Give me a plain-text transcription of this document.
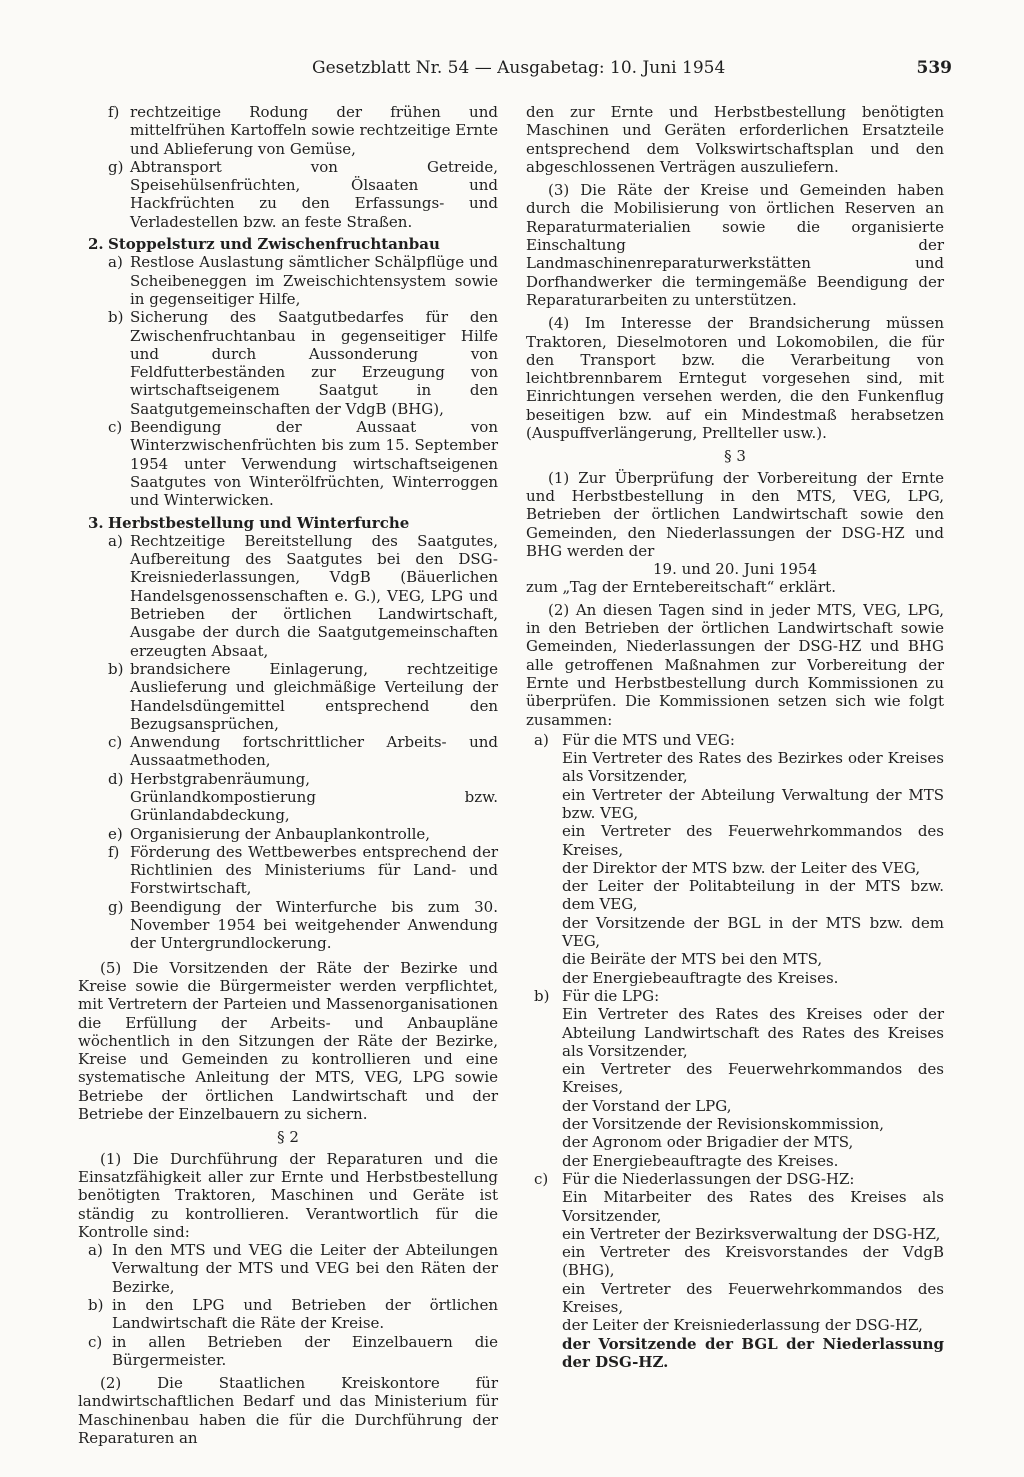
Gesetzblatt Nr. 54 — Ausgabetag: 10. Juni 1954	539
f) rechtzeitige Rodung der frühen und mittelfrühen Kartoffeln sowie rechtzeitige Ernte und Ablieferung von Gemüse,
g) Abtransport von Getreide, Speisehülsenfrüchten, Ölsaaten und Hackfrüchten zu den Erfassungs- und Verladestellen bzw. an feste Straßen.
2. Stoppelsturz und Zwischenfruchtanbau
a) Restlose Auslastung sämtlicher Schälpflüge und Scheibeneggen im Zweischichtensystem sowie in gegenseitiger Hilfe,
b) Sicherung des Saatgutbedarfes für den Zwischenfruchtanbau in gegenseitiger Hilfe und durch Aussonderung von Feldfutterbeständen zur Erzeugung von wirtschaftseigenem Saatgut in den Saatgutgemeinschaften der VdgB (BHG),
c) Beendigung der Aussaat von Winterzwischenfrüchten bis zum 15. September 1954 unter Verwendung wirtschaftseigenen Saatgutes von Winterölfrüchten, Winterroggen und Winterwicken.
3. Herbstbestellung und Winterfurche
a) Rechtzeitige Bereitstellung des Saatgutes, Aufbereitung des Saatgutes bei den DSG-Kreisniederlassungen, VdgB (Bäuerlichen Handelsgenossenschaften e. G.), VEG, LPG und Betrieben der örtlichen Landwirtschaft, Ausgabe der durch die Saatgutgemeinschaften erzeugten Absaat,
b) brandsichere Einlagerung, rechtzeitige Auslieferung und gleichmäßige Verteilung der Handelsdüngemittel entsprechend den Bezugsansprüchen,
c) Anwendung fortschrittlicher Arbeits- und Aussaatmethoden,
d) Herbstgrabenräumung, Grünlandkompostierung bzw. Grünlandabdeckung,
e) Organisierung der Anbauplankontrolle,
f) Förderung des Wettbewerbes entsprechend der Richtlinien des Ministeriums für Land- und Forstwirtschaft,
g) Beendigung der Winterfurche bis zum 30. November 1954 bei weitgehender Anwendung der Untergrundlockerung.

(5) Die Vorsitzenden der Räte der Bezirke und Kreise sowie die Bürgermeister werden verpflichtet, mit Vertretern der Parteien und Massenorganisationen die Erfüllung der Arbeits- und Anbaupläne wöchentlich in den Sitzungen der Räte der Bezirke, Kreise und Gemeinden zu kontrollieren und eine systematische Anleitung der MTS, VEG, LPG sowie Betriebe der örtlichen Landwirtschaft und der Betriebe der Einzelbauern zu sichern.

§ 2

(1) Die Durchführung der Reparaturen und die Einsatzfähigkeit aller zur Ernte und Herbstbestellung benötigten Traktoren, Maschinen und Geräte ist ständig zu kontrollieren. Verantwortlich für die Kontrolle sind:

a) In den MTS und VEG die Leiter der Abteilungen Verwaltung der MTS und VEG bei den Räten der Bezirke,
b) in den LPG und Betrieben der örtlichen Landwirtschaft die Räte der Kreise.
c) in allen Betrieben der Einzelbauern die Bürgermeister.

(2) Die Staatlichen Kreiskontore für landwirtschaftlichen Bedarf und das Ministerium für Maschinenbau haben die für die Durchführung der Reparaturen an

den zur Ernte und Herbstbestellung benötigten Maschinen und Geräten erforderlichen Ersatzteile entsprechend dem Volkswirtschaftsplan und den abgeschlossenen Verträgen auszuliefern.

(3) Die Räte der Kreise und Gemeinden haben durch die Mobilisierung von örtlichen Reserven an Reparaturmaterialien sowie die organisierte Einschaltung der Landmaschinenreparaturwerkstätten und Dorfhandwerker die termingemäße Beendigung der Reparaturarbeiten zu unterstützen.

(4) Im Interesse der Brandsicherung müssen Traktoren, Dieselmotoren und Lokomobilen, die für den Transport bzw. die Verarbeitung von leichtbrennbarem Erntegut vorgesehen sind, mit Einrichtungen versehen werden, die den Funkenflug beseitigen bzw. auf ein Mindestmaß herabsetzen (Auspuffverlängerung, Prellteller usw.).

§ 3

(1) Zur Überprüfung der Vorbereitung der Ernte und Herbstbestellung in den MTS, VEG, LPG, Betrieben der örtlichen Landwirtschaft sowie den Gemeinden, den Niederlassungen der DSG-HZ und BHG werden der

19. und 20. Juni 1954

zum „Tag der Erntebereitschaft“ erklärt.

(2) An diesen Tagen sind in jeder MTS, VEG, LPG, in den Betrieben der örtlichen Landwirtschaft sowie Gemeinden, Niederlassungen der DSG-HZ und BHG alle getroffenen Maßnahmen zur Vorbereitung der Ernte und Herbstbestellung durch Kommissionen zu überprüfen. Die Kommissionen setzen sich wie folgt zusammen:

a) Für die MTS und VEG:
Ein Vertreter des Rates des Bezirkes oder Kreises als Vorsitzender,
ein Vertreter der Abteilung Verwaltung der MTS bzw. VEG,
ein Vertreter des Feuerwehrkommandos des Kreises,
der Direktor der MTS bzw. der Leiter des VEG,
der Leiter der Politabteilung in der MTS bzw. dem VEG,
der Vorsitzende der BGL in der MTS bzw. dem VEG,
die Beiräte der MTS bei den MTS,
der Energiebeauftragte des Kreises.
b) Für die LPG:
Ein Vertreter des Rates des Kreises oder der Abteilung Landwirtschaft des Rates des Kreises als Vorsitzender,
ein Vertreter des Feuerwehrkommandos des Kreises,
der Vorstand der LPG,
der Vorsitzende der Revisionskommission,
der Agronom oder Brigadier der MTS,
der Energiebeauftragte des Kreises.
c) Für die Niederlassungen der DSG-HZ:
Ein Mitarbeiter des Rates des Kreises als Vorsitzender,
ein Vertreter der Bezirksverwaltung der DSG-HZ,
ein Vertreter des Kreisvorstandes der VdgB (BHG),
ein Vertreter des Feuerwehrkommandos des Kreises,
der Leiter der Kreisniederlassung der DSG-HZ,
der Vorsitzende der BGL der Niederlassung der DSG-HZ.
